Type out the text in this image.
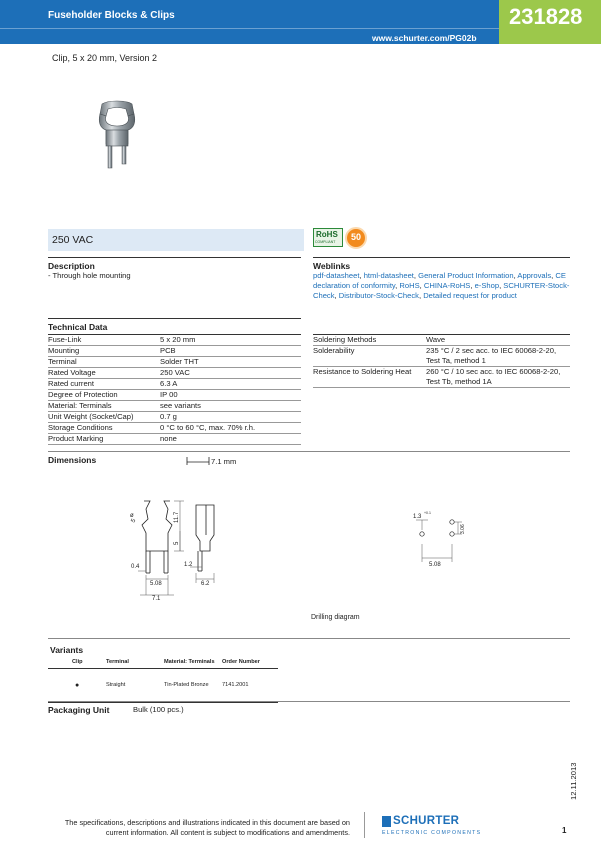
Fuseholder Blocks & Clips
www.schurter.com/PG02b
231828
Clip, 5 x 20 mm, Version 2
250 VAC	RoHS
COMPLIANT	50
Description
- Through hole mounting
Weblinks
pdf-datasheet, html-datasheet, General Product Information, Approvals, CE declaration of conformity, RoHS, CHINA-RoHS, e-Shop, SCHURTER-Stock-Check, Distributor-Stock-Check, Detailed request for product
Technical Data
Fuse-Link	5 x 20 mm
Mounting	PCB
Terminal	Solder THT
Rated Voltage	250 VAC
Rated current	6.3 A
Degree of Protection	IP 00
Material: Terminals	see variants
Unit Weight (Socket/Cap)	0.7 g
Storage Conditions	0 °C to 60 °C, max. 70% r.h.
Product Marking	none
Soldering Methods	Wave
Solderability	235 °C / 2 sec acc. to IEC 60068-2-20,
Test Ta, method 1

Resistance to Soldering Heat	260 °C / 10 sec acc. to IEC 60068-2-20,
Test Tb, method 1A
Dimensions	7.1 mm
5
ø	11.7
5
0.4	1.2
5.08	6.2
7.1
1.3
+0.1
3.06
5.08
Drilling diagram
Variants
Clip	Terminal	Material: Terminals	Order Number
●	Straight	Tin-Plated Bronze	7141.2001
Packaging Unit	Bulk (100 pcs.)
12.11.2013
The specifications, descriptions and illustrations indicated in this document are based on
current information. All content is subject to modifications and amendments.
SCHURTER
ELECTRONIC COMPONENTS	1
